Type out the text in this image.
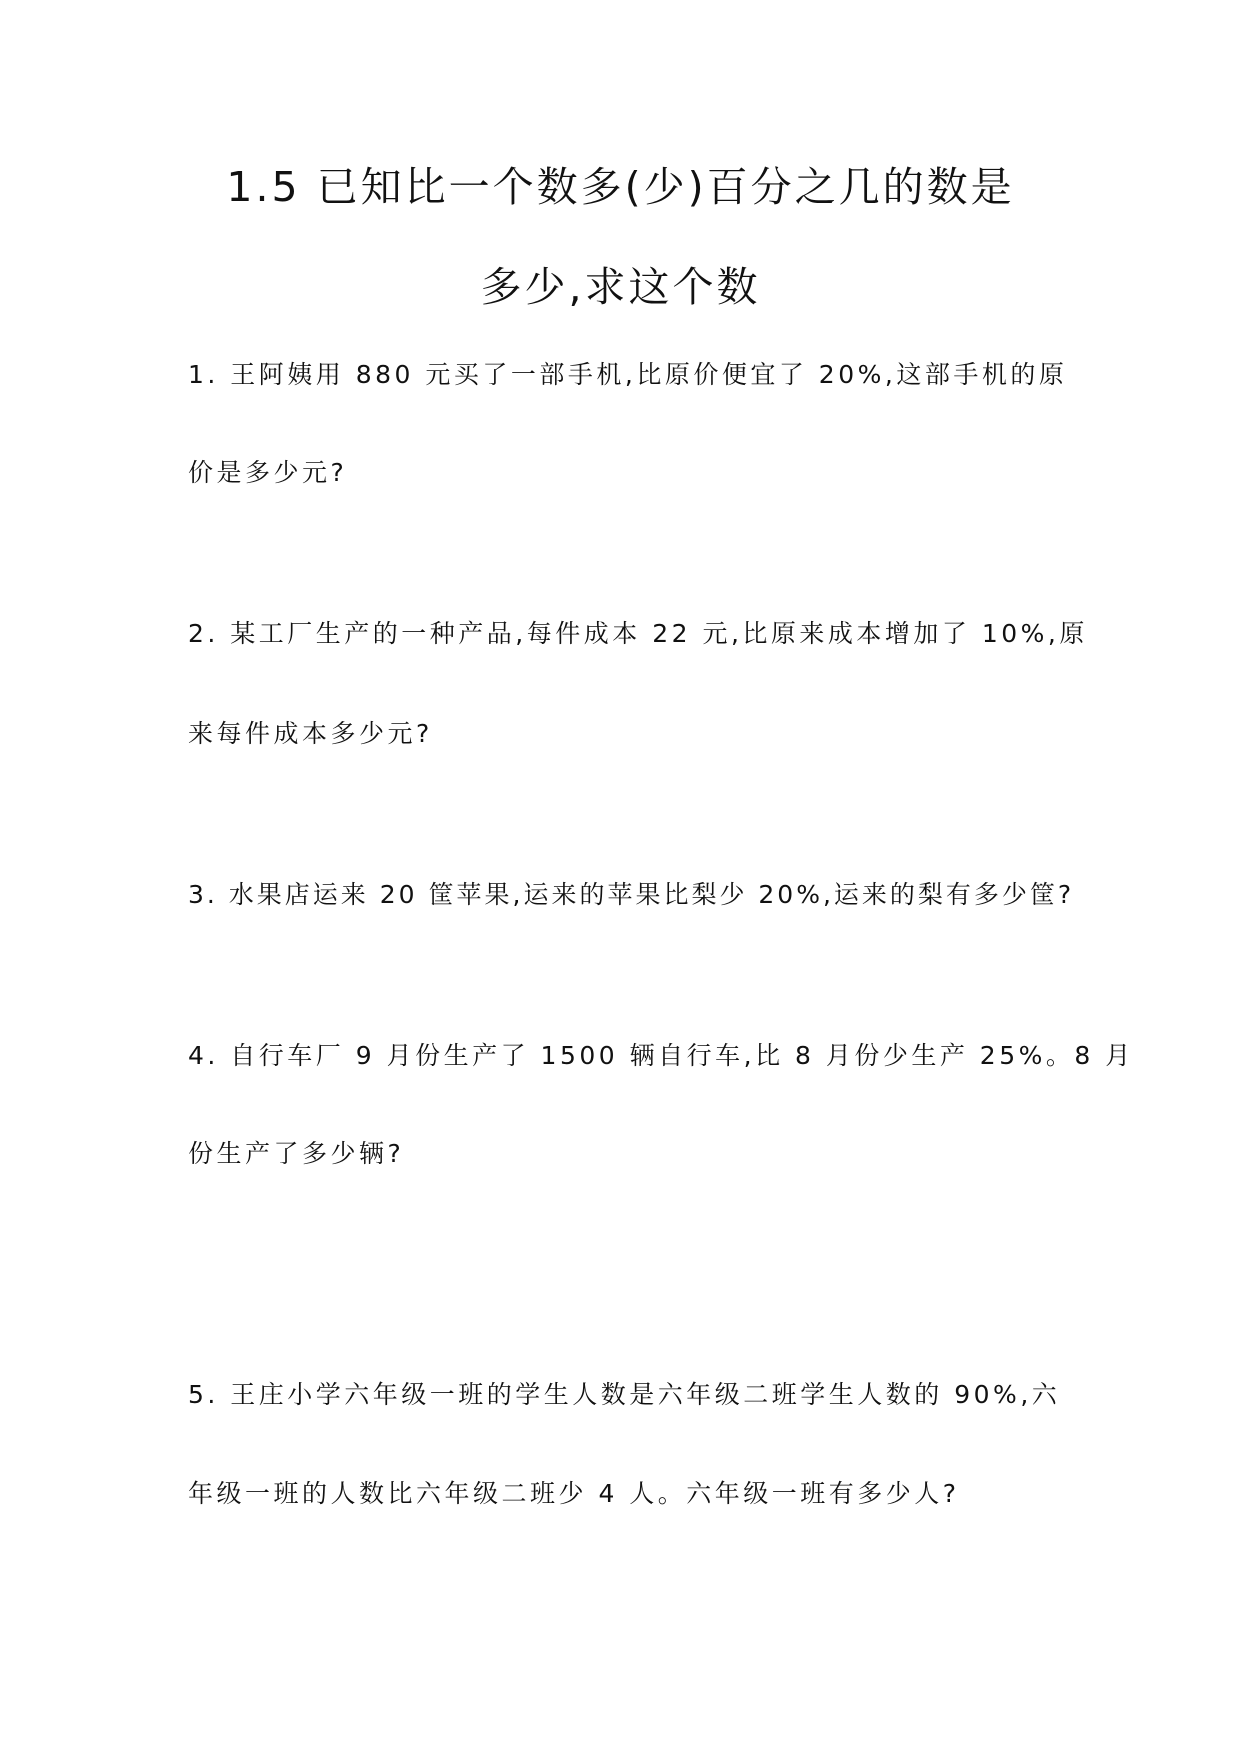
1.5 已知比一个数多(少)百分之几的数是
多少,求这个数
1. 王阿姨用 880 元买了一部手机,比原价便宜了 20%,这部手机的原
价是多少元?
2. 某工厂生产的一种产品,每件成本 22 元,比原来成本增加了 10%,原
来每件成本多少元?
3. 水果店运来 20 筐苹果,运来的苹果比梨少 20%,运来的梨有多少筐?
4. 自行车厂 9 月份生产了 1500 辆自行车,比 8 月份少生产 25%。8 月
份生产了多少辆?
5. 王庄小学六年级一班的学生人数是六年级二班学生人数的 90%,六
年级一班的人数比六年级二班少 4 人。六年级一班有多少人?
